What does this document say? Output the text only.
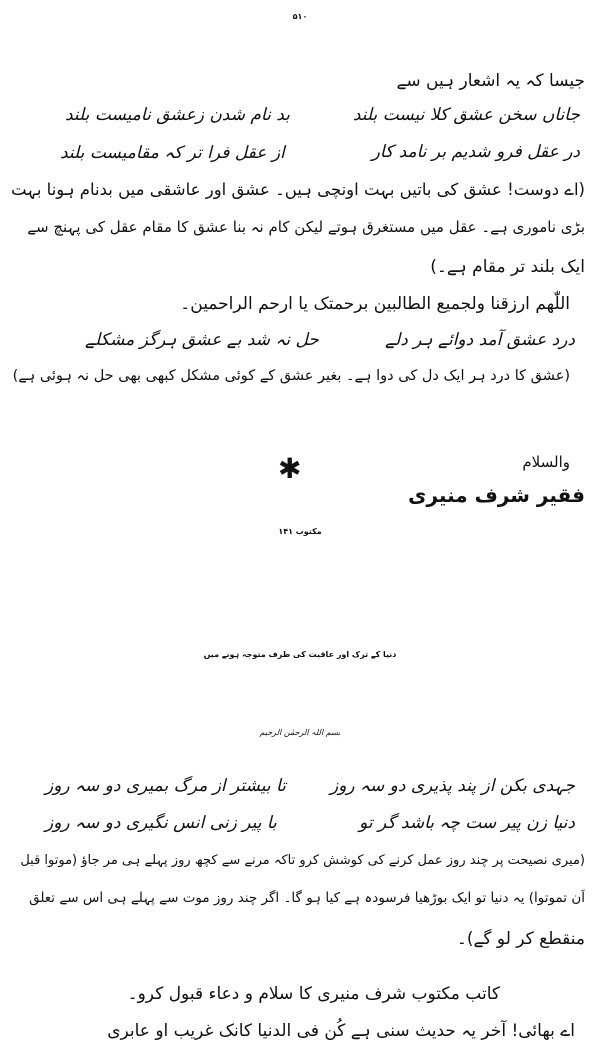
۵۱۰
جیسا کہ یہ اشعار ہیں سے
جاناں سخن عشق کلا نیست بلند
بد نام شدن زعشق نامیست بلند
در عقل فرو شدیم بر نامد کار
از عقل فرا تر کہ مقامیست بلند
(اے دوست! عشق کی باتیں بہت اونچی ہیں۔ عشق اور عاشقی میں بدنام ہونا بہت
بڑی ناموری ہے۔ عقل میں مستغرق ہوتے لیکن کام نہ بنا عشق کا مقام عقل کی پہنچ سے
ایک بلند تر مقام ہے۔)
اللّٰھم ارزقنا ولجمیع الطالبین برحمتک یا ارحم الراحمین۔
درد عشق آمد دوائے ہر دلے
حل نہ شد بے عشق ہرگز مشکلے
(عشق کا درد ہر ایک دل کی دوا ہے۔ بغیر عشق کے کوئی مشکل کبھی بھی حل نہ ہوئی ہے)
والسلام
✱
فقیر شرف منیری
مکتوب ۱۴۱
دنیا کے ترک اور عاقبت کی طرف متوجہ ہونے میں
بسم اللہ الرحمٰن الرحیم
جہدی بکن از پند پذیری دو سہ روز
تا بیشتر از مرگ بمیری دو سہ روز
دنیا زن پیر ست چہ باشد گر تو
با پیر زنی انس نگیری دو سہ روز
(میری نصیحت پر چند روز عمل کرنے کی کوشش کرو تاکہ مرنے سے کچھ روز پہلے ہی مر جاؤ (موتوا قبل
اَن تموتوا) یہ دنیا تو ایک بوڑھیا فرسودہ ہے کیا ہو گا۔ اگر چند روز موت سے پہلے ہی اس سے تعلق
منقطع کر لو گے)۔
کاتب مکتوب شرف منیری کا سلام و دعاء قبول کرو۔
اے بھائی! آخر یہ حدیث سنی ہے کُن فی الدنیا کانک غریب او عابری
